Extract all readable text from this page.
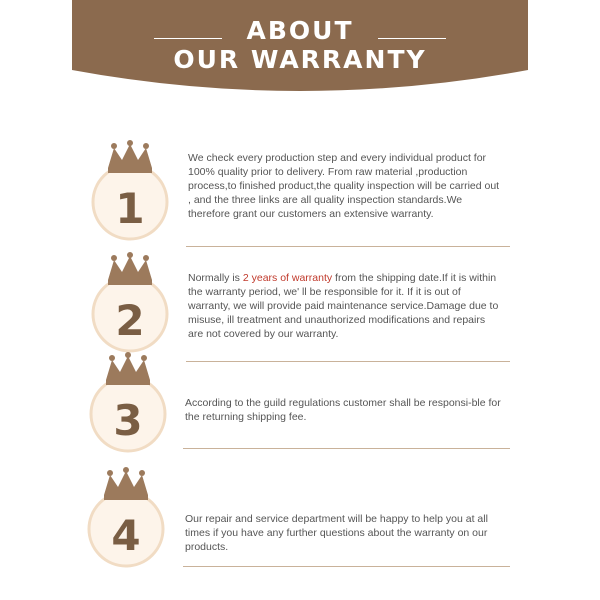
ABOUT
OUR WARRANTY
1
We check every production step and every individual product for 100% quality prior to delivery. From raw material ,production process,to finished product,the quality inspection will be carried out , and the three links are all quality inspection standards.We therefore grant our customers an extensive warranty.
2
Normally is 2 years of warranty from the shipping date.If it is within the warranty period, we' ll be responsible for it. If it is out of warranty, we will provide paid maintenance service.Damage due to misuse, ill treatment and unauthorized modifications and repairs are not covered by our warranty.
3	According to the guild regulations customer shall be responsi-ble for the returning shipping fee.
4	Our repair and service department will be happy to help you at all times if you have any further questions about the warranty on our products.
